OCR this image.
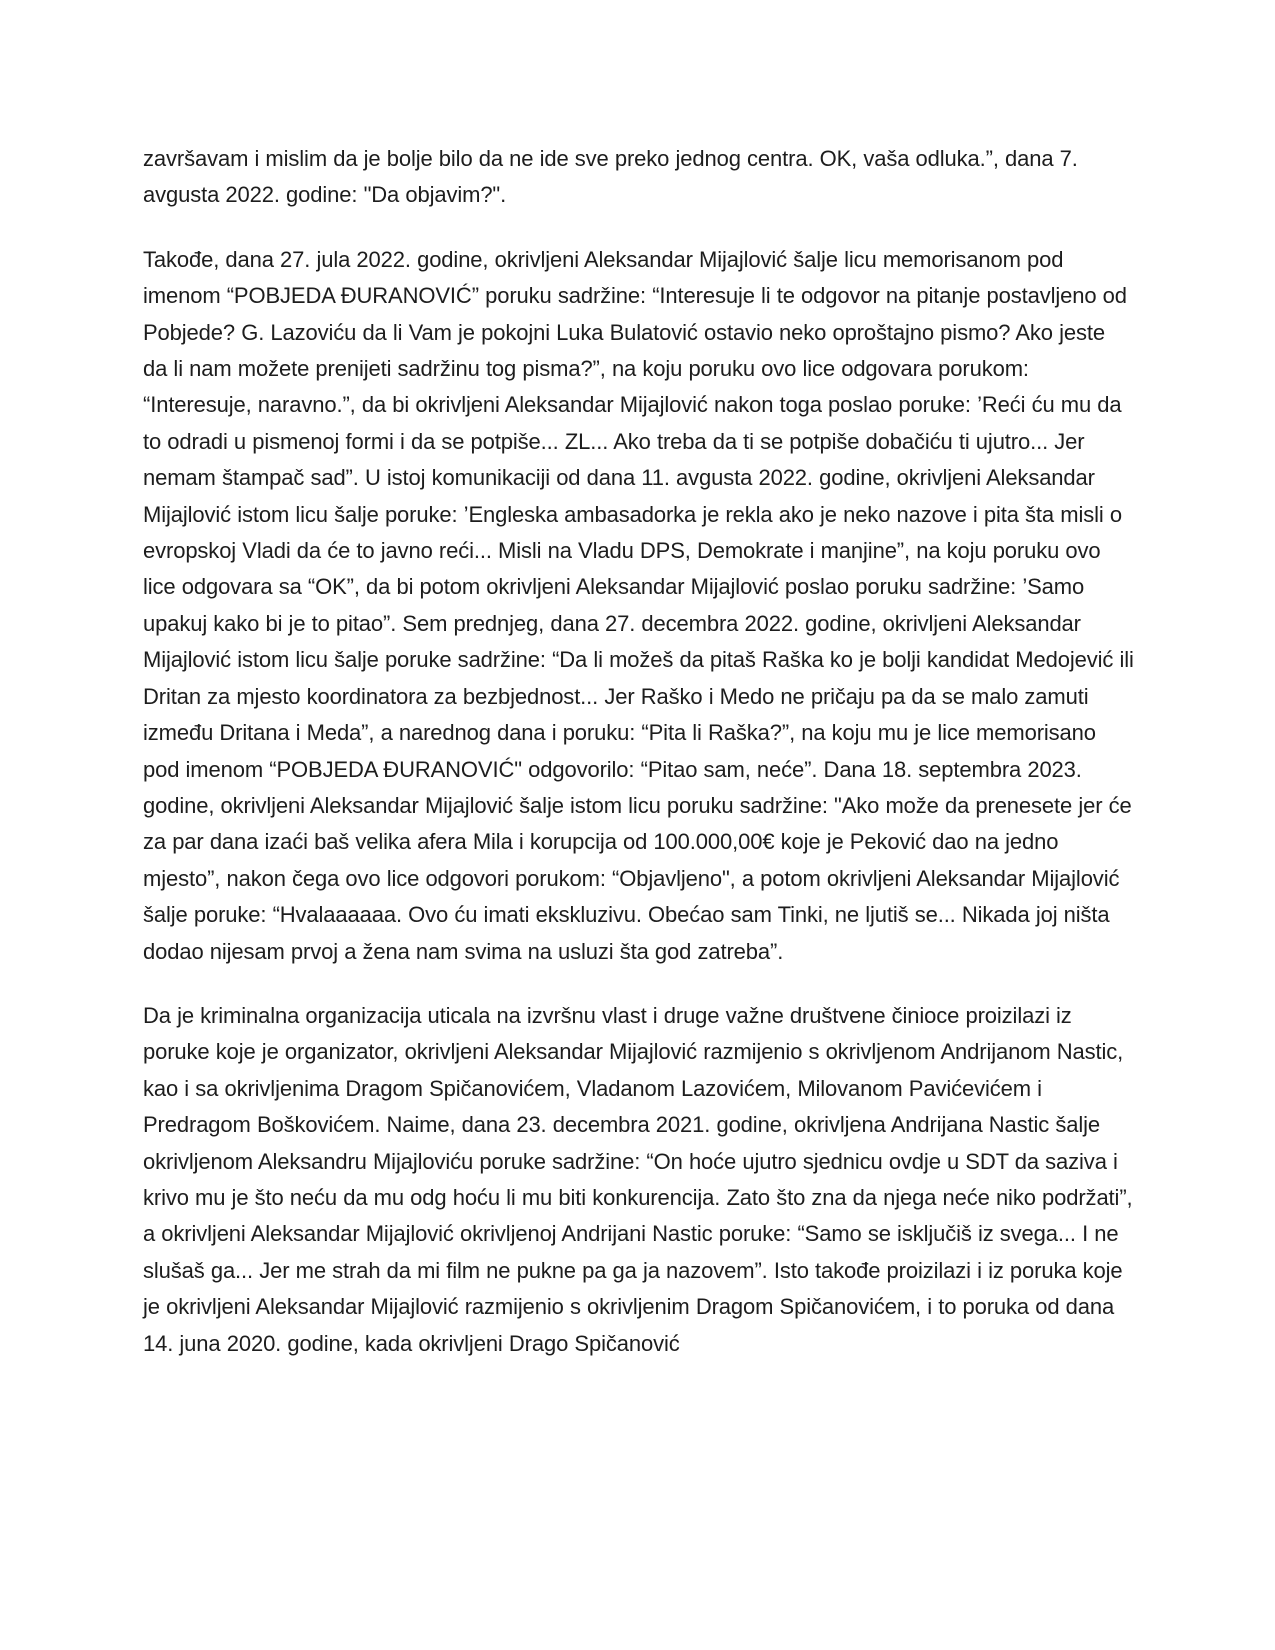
završavam i mislim da je bolje bilo da ne ide sve preko jednog centra. OK, vaša odluka.”, dana 7. avgusta 2022. godine: "Da objavim?".

Takođe, dana 27. jula 2022. godine, okrivljeni Aleksandar Mijajlović šalje licu memorisanom pod imenom “POBJEDA ĐURANOVIĆ” poruku sadržine: “Interesuje li te odgovor na pitanje postavljeno od Pobjede? G. Lazoviću da li Vam je pokojni Luka Bulatović ostavio neko oproštajno pismo? Ako jeste da li nam možete prenijeti sadržinu tog pisma?”, na koju poruku ovo lice odgovara porukom: “Interesuje, naravno.”, da bi okrivljeni Aleksandar Mijajlović nakon toga poslao poruke: ’Reći ću mu da to odradi u pismenoj formi i da se potpiše... ZL... Ako treba da ti se potpiše dobačiću ti ujutro... Jer nemam štampač sad”. U istoj komunikaciji od dana 11. avgusta 2022. godine, okrivljeni Aleksandar Mijajlović istom licu šalje poruke: ’Engleska ambasadorka je rekla ako je neko nazove i pita šta misli o evropskoj Vladi da će to javno reći... Misli na Vladu DPS, Demokrate i manjine”, na koju poruku ovo lice odgovara sa “OK”, da bi potom okrivljeni Aleksandar Mijajlović poslao poruku sadržine: ’Samo upakuj kako bi je to pitao”. Sem prednjeg, dana 27. decembra 2022. godine, okrivljeni Aleksandar Mijajlović istom licu šalje poruke sadržine: “Da li možeš da pitaš Raška ko je bolji kandidat Medojević ili Dritan za mjesto koordinatora za bezbjednost... Jer Raško i Medo ne pričaju pa da se malo zamuti između Dritana i Meda”, a narednog dana i poruku: “Pita li Raška?”, na koju mu je lice memorisano pod imenom “POBJEDA ĐURANOVIĆ" odgovorilo: “Pitao sam, neće”. Dana 18. septembra 2023. godine, okrivljeni Aleksandar Mijajlović šalje istom licu poruku sadržine: "Ako može da prenesete jer će za par dana izaći baš velika afera Mila i korupcija od 100.000,00€ koje je Peković dao na jedno mjesto”, nakon čega ovo lice odgovori porukom: “Objavljeno", a potom okrivljeni Aleksandar Mijajlović šalje poruke: “Hvalaaaaaa. Ovo ću imati ekskluzivu. Obećao sam Tinki, ne ljutiš se... Nikada joj ništa dodao nijesam prvoj a žena nam svima na usluzi šta god zatreba”.

Da je kriminalna organizacija uticala na izvršnu vlast i druge važne društvene činioce proizilazi iz poruke koje je organizator, okrivljeni Aleksandar Mijajlović razmijenio s okrivljenom Andrijanom Nastic, kao i sa okrivljenima Dragom Spičanovićem, Vladanom Lazovićem, Milovanom Pavićevićem i Predragom Boškovićem. Naime, dana 23. decembra 2021. godine, okrivljena Andrijana Nastic šalje okrivljenom Aleksandru Mijajloviću poruke sadržine: “On hoće ujutro sjednicu ovdje u SDT da saziva i krivo mu je što neću da mu odg hoću li mu biti konkurencija. Zato što zna da njega neće niko podržati”, a okrivljeni Aleksandar Mijajlović okrivljenoj Andrijani Nastic poruke: “Samo se isključiš iz svega... I ne slušaš ga... Jer me strah da mi film ne pukne pa ga ja nazovem”. Isto takođe proizilazi i iz poruka koje je okrivljeni Aleksandar Mijajlović razmijenio s okrivljenim Dragom Spičanovićem, i to poruka od dana 14. juna 2020. godine, kada okrivljeni Drago Spičanović
